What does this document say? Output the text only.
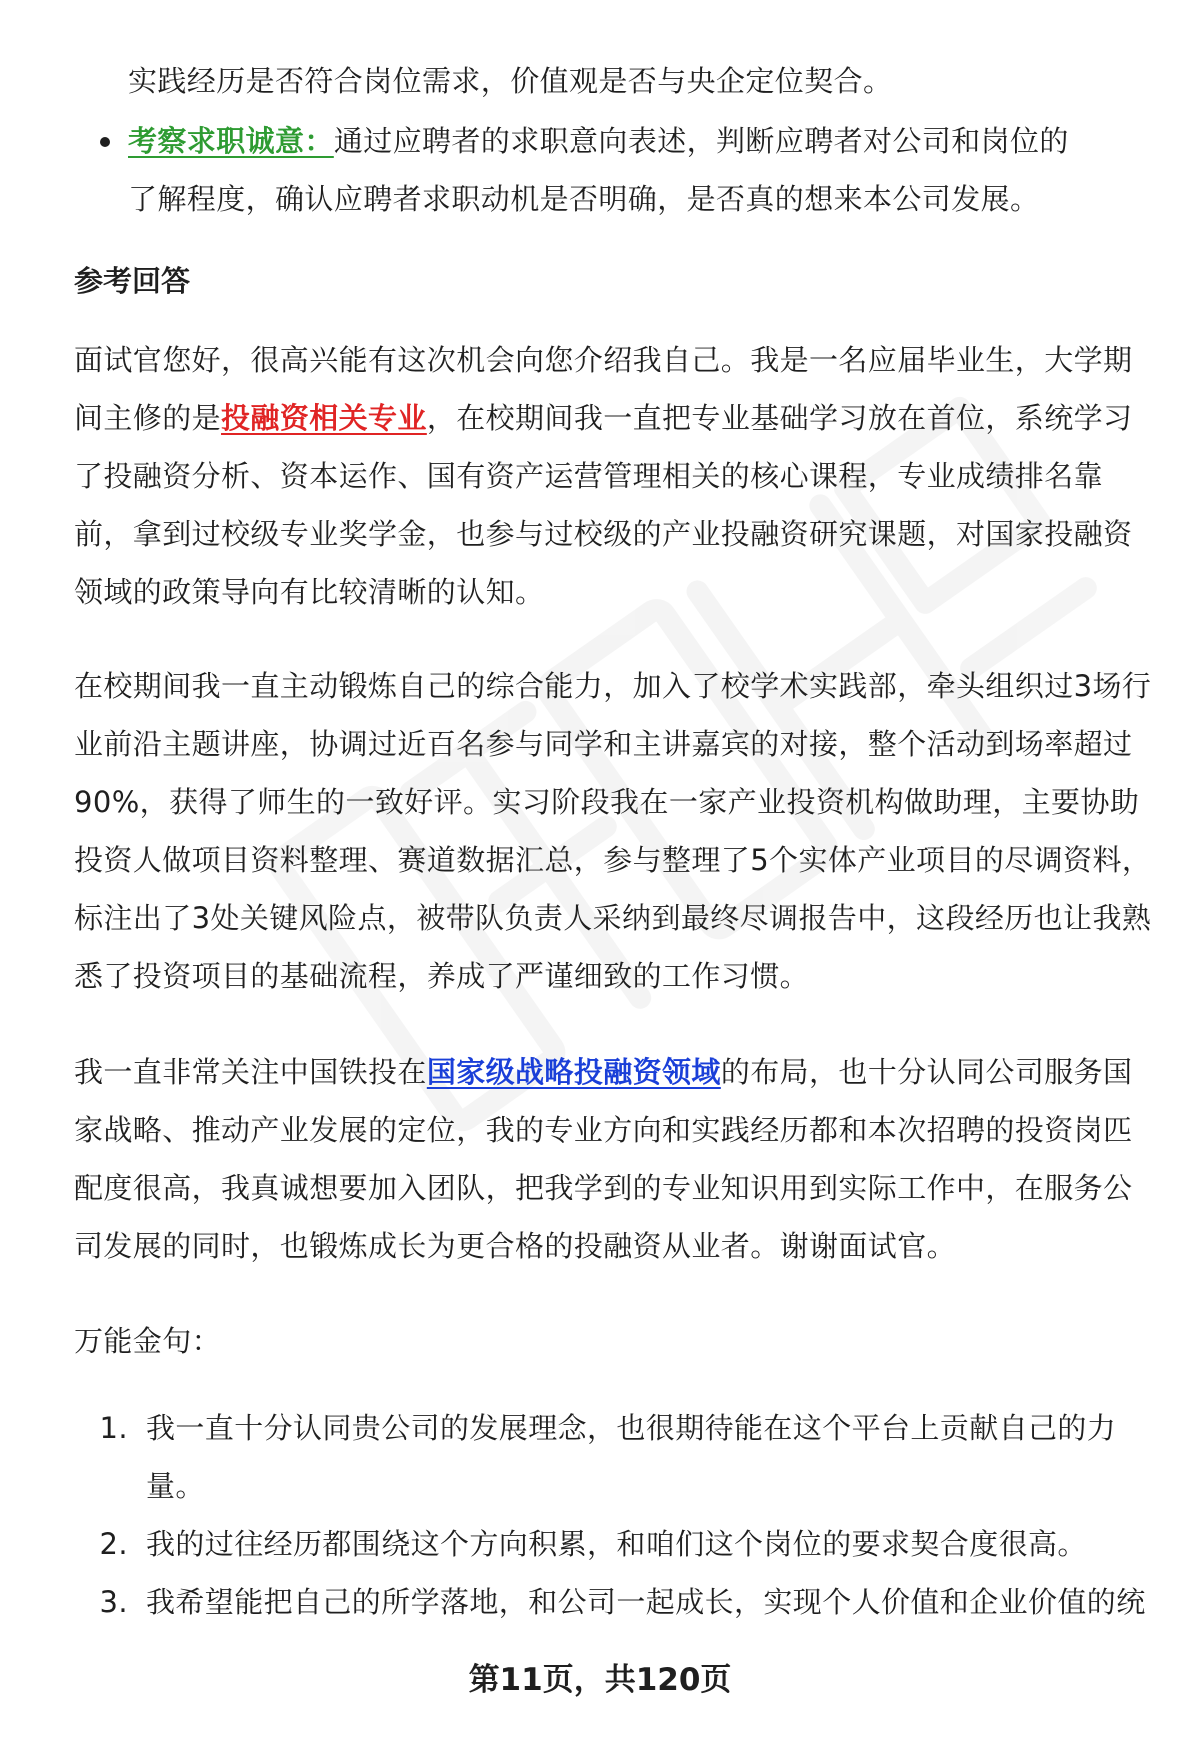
实践经历是否符合岗位需求，价值观是否与央企定位契合。

考察求职诚意：通过应聘者的求职意向表述，判断应聘者对公司和岗位的了解程度，确认应聘者求职动机是否明确，是否真的想来本公司发展。
参考回答

面试官您好，很高兴能有这次机会向您介绍我自己。我是一名应届毕业生，大学期间主修的是投融资相关专业，在校期间我一直把专业基础学习放在首位，系统学习了投融资分析、资本运作、国有资产运营管理相关的核心课程，专业成绩排名靠前，拿到过校级专业奖学金，也参与过校级的产业投融资研究课题，对国家投融资领域的政策导向有比较清晰的认知。

在校期间我一直主动锻炼自己的综合能力，加入了校学术实践部，牵头组织过3场行业前沿主题讲座，协调过近百名参与同学和主讲嘉宾的对接，整个活动到场率超过90%，获得了师生的一致好评。实习阶段我在一家产业投资机构做助理，主要协助投资人做项目资料整理、赛道数据汇总，参与整理了5个实体产业项目的尽调资料，标注出了3处关键风险点，被带队负责人采纳到最终尽调报告中，这段经历也让我熟悉了投资项目的基础流程，养成了严谨细致的工作习惯。

我一直非常关注中国铁投在国家级战略投融资领域的布局，也十分认同公司服务国家战略、推动产业发展的定位，我的专业方向和实践经历都和本次招聘的投资岗匹配度很高，我真诚想要加入团队，把我学到的专业知识用到实际工作中，在服务公司发展的同时，也锻炼成长为更合格的投融资从业者。谢谢面试官。

万能金句：

1. 我一直十分认同贵公司的发展理念，也很期待能在这个平台上贡献自己的力量。
2. 我的过往经历都围绕这个方向积累，和咱们这个岗位的要求契合度很高。
3. 我希望能把自己的所学落地，和公司一起成长，实现个人价值和企业价值的统
第11页，共120页
